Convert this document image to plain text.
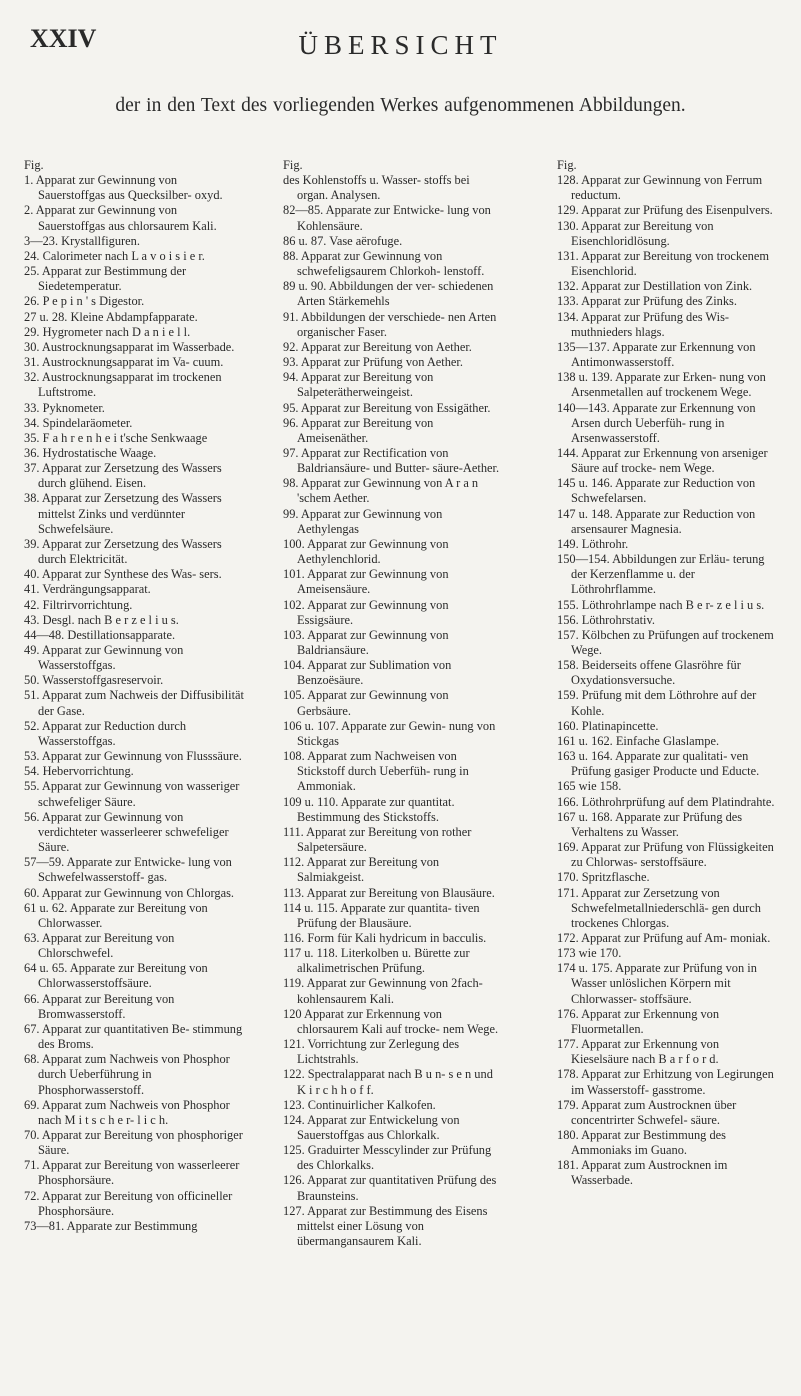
XXIV	ÜBERSICHT
der in den Text des vorliegenden Werkes aufgenommenen Abbildungen.

Fig.

1. Apparat zur Gewinnung von Sauerstoffgas aus Quecksilber- oxyd.

2. Apparat zur Gewinnung von Sauerstoffgas aus chlorsaurem Kali.

3—23. Krystallfiguren.

24. Calorimeter nach L a v o i s i e r.

25. Apparat zur Bestimmung der Siedetemperatur.

26. P e p i n ' s Digestor.

27 u. 28. Kleine Abdampfapparate.

29. Hygrometer nach D a n i e l l.

30. Austrocknungsapparat im Wasserbade.

31. Austrocknungsapparat im Va- cuum.

32. Austrocknungsapparat im trockenen Luftstrome.

33. Pyknometer.

34. Spindelaräometer.

35. F a h r e n h e i t'sche Senkwaage

36. Hydrostatische Waage.

37. Apparat zur Zersetzung des Wassers durch glühend. Eisen.

38. Apparat zur Zersetzung des Wassers mittelst Zinks und verdünnter Schwefelsäure.

39. Apparat zur Zersetzung des Wassers durch Elektricität.

40. Apparat zur Synthese des Was- sers.

41. Verdrängungsapparat.

42. Filtrirvorrichtung.

43. Desgl. nach B e r z e l i u s.

44—48. Destillationsapparate.

49. Apparat zur Gewinnung von Wasserstoffgas.

50. Wasserstoffgasreservoir.

51. Apparat zum Nachweis der Diffusibilität der Gase.

52. Apparat zur Reduction durch Wasserstoffgas.

53. Apparat zur Gewinnung von Flusssäure.

54. Hebervorrichtung.

55. Apparat zur Gewinnung von wasseriger schwefeliger Säure.

56. Apparat zur Gewinnung von verdichteter wasserleerer schwefeliger Säure.

57—59. Apparate zur Entwicke- lung von Schwefelwasserstoff- gas.

60. Apparat zur Gewinnung von Chlorgas.

61 u. 62. Apparate zur Bereitung von Chlorwasser.

63. Apparat zur Bereitung von Chlorschwefel.

64 u. 65. Apparate zur Bereitung von Chlorwasserstoffsäure.

66. Apparat zur Bereitung von Bromwasserstoff.

67. Apparat zur quantitativen Be- stimmung des Broms.

68. Apparat zum Nachweis von Phosphor durch Ueberführung in Phosphorwasserstoff.

69. Apparat zum Nachweis von Phosphor nach M i t s c h e r- l i c h.

70. Apparat zur Bereitung von phosphoriger Säure.

71. Apparat zur Bereitung von wasserleerer Phosphorsäure.

72. Apparat zur Bereitung von officineller Phosphorsäure.

73—81. Apparate zur Bestimmung

Fig.

des Kohlenstoffs u. Wasser- stoffs bei organ. Analysen.

82—85. Apparate zur Entwicke- lung von Kohlensäure.

86 u. 87. Vase aërofuge.

88. Apparat zur Gewinnung von schwefeligsaurem Chlorkoh- lenstoff.

89 u. 90. Abbildungen der ver- schiedenen Arten Stärkemehls

91. Abbildungen der verschiede- nen Arten organischer Faser.

92. Apparat zur Bereitung von Aether.

93. Apparat zur Prüfung von Aether.

94. Apparat zur Bereitung von Salpeterätherweingeist.

95. Apparat zur Bereitung von Essigäther.

96. Apparat zur Bereitung von Ameisenäther.

97. Apparat zur Rectification von Baldriansäure- und Butter- säure-Aether.

98. Apparat zur Gewinnung von A r a n 'schem Aether.

99. Apparat zur Gewinnung von Aethylengas

100. Apparat zur Gewinnung von Aethylenchlorid.

101. Apparat zur Gewinnung von Ameisensäure.

102. Apparat zur Gewinnung von Essigsäure.

103. Apparat zur Gewinnung von Baldriansäure.

104. Apparat zur Sublimation von Benzoësäure.

105. Apparat zur Gewinnung von Gerbsäure.

106 u. 107. Apparate zur Gewin- nung von Stickgas

108. Apparat zum Nachweisen von Stickstoff durch Ueberfüh- rung in Ammoniak.

109 u. 110. Apparate zur quantitat. Bestimmung des Stickstoffs.

111. Apparat zur Bereitung von rother Salpetersäure.

112. Apparat zur Bereitung von Salmiakgeist.

113. Apparat zur Bereitung von Blausäure.

114 u. 115. Apparate zur quantita- tiven Prüfung der Blausäure.

116. Form für Kali hydricum in bacculis.

117 u. 118. Literkolben u. Bürette zur alkalimetrischen Prüfung.

119. Apparat zur Gewinnung von 2fach-kohlensaurem Kali.

120 Apparat zur Erkennung von chlorsaurem Kali auf trocke- nem Wege.

121. Vorrichtung zur Zerlegung des Lichtstrahls.

122. Spectralapparat nach B u n- s e n und K i r c h h o f f.

123. Continuirlicher Kalkofen.

124. Apparat zur Entwickelung von Sauerstoffgas aus Chlorkalk.

125. Graduirter Messcylinder zur Prüfung des Chlorkalks.

126. Apparat zur quantitativen Prüfung des Braunsteins.

127. Apparat zur Bestimmung des Eisens mittelst einer Lösung von übermangansaurem Kali.

Fig.

128. Apparat zur Gewinnung von Ferrum reductum.

129. Apparat zur Prüfung des Eisenpulvers.

130. Apparat zur Bereitung von Eisenchloridlösung.

131. Apparat zur Bereitung von trockenem Eisenchlorid.

132. Apparat zur Destillation von Zink.

133. Apparat zur Prüfung des Zinks.

134. Apparat zur Prüfung des Wis- muthnieders hlags.

135—137. Apparate zur Erkennung von Antimonwasserstoff.

138 u. 139. Apparate zur Erken- nung von Arsenmetallen auf trockenem Wege.

140—143. Apparate zur Erkennung von Arsen durch Ueberfüh- rung in Arsenwasserstoff.

144. Apparat zur Erkennung von arseniger Säure auf trocke- nem Wege.

145 u. 146. Apparate zur Reduction von Schwefelarsen.

147 u. 148. Apparate zur Reduction von arsensaurer Magnesia.

149. Löthrohr.

150—154. Abbildungen zur Erläu- terung der Kerzenflamme u. der Löthrohrflamme.

155. Löthrohrlampe nach B e r- z e l i u s.

156. Löthrohrstativ.

157. Kölbchen zu Prüfungen auf trockenem Wege.

158. Beiderseits offene Glasröhre für Oxydationsversuche.

159. Prüfung mit dem Löthrohre auf der Kohle.

160. Platinapincette.

161 u. 162. Einfache Glaslampe.

163 u. 164. Apparate zur qualitati- ven Prüfung gasiger Producte und Educte.

165 wie 158.

166. Löthrohrprüfung auf dem Platindrahte.

167 u. 168. Apparate zur Prüfung des Verhaltens zu Wasser.

169. Apparat zur Prüfung von Flüssigkeiten zu Chlorwas- serstoffsäure.

170. Spritzflasche.

171. Apparat zur Zersetzung von Schwefelmetallniederschlä- gen durch trockenes Chlorgas.

172. Apparat zur Prüfung auf Am- moniak.

173 wie 170.

174 u. 175. Apparate zur Prüfung von in Wasser unlöslichen Körpern mit Chlorwasser- stoffsäure.

176. Apparat zur Erkennung von Fluormetallen.

177. Apparat zur Erkennung von Kieselsäure nach B a r f o r d.

178. Apparat zur Erhitzung von Legirungen im Wasserstoff- gasstrome.

179. Apparat zum Austrocknen über concentrirter Schwefel- säure.

180. Apparat zur Bestimmung des Ammoniaks im Guano.

181. Apparat zum Austrocknen im Wasserbade.
